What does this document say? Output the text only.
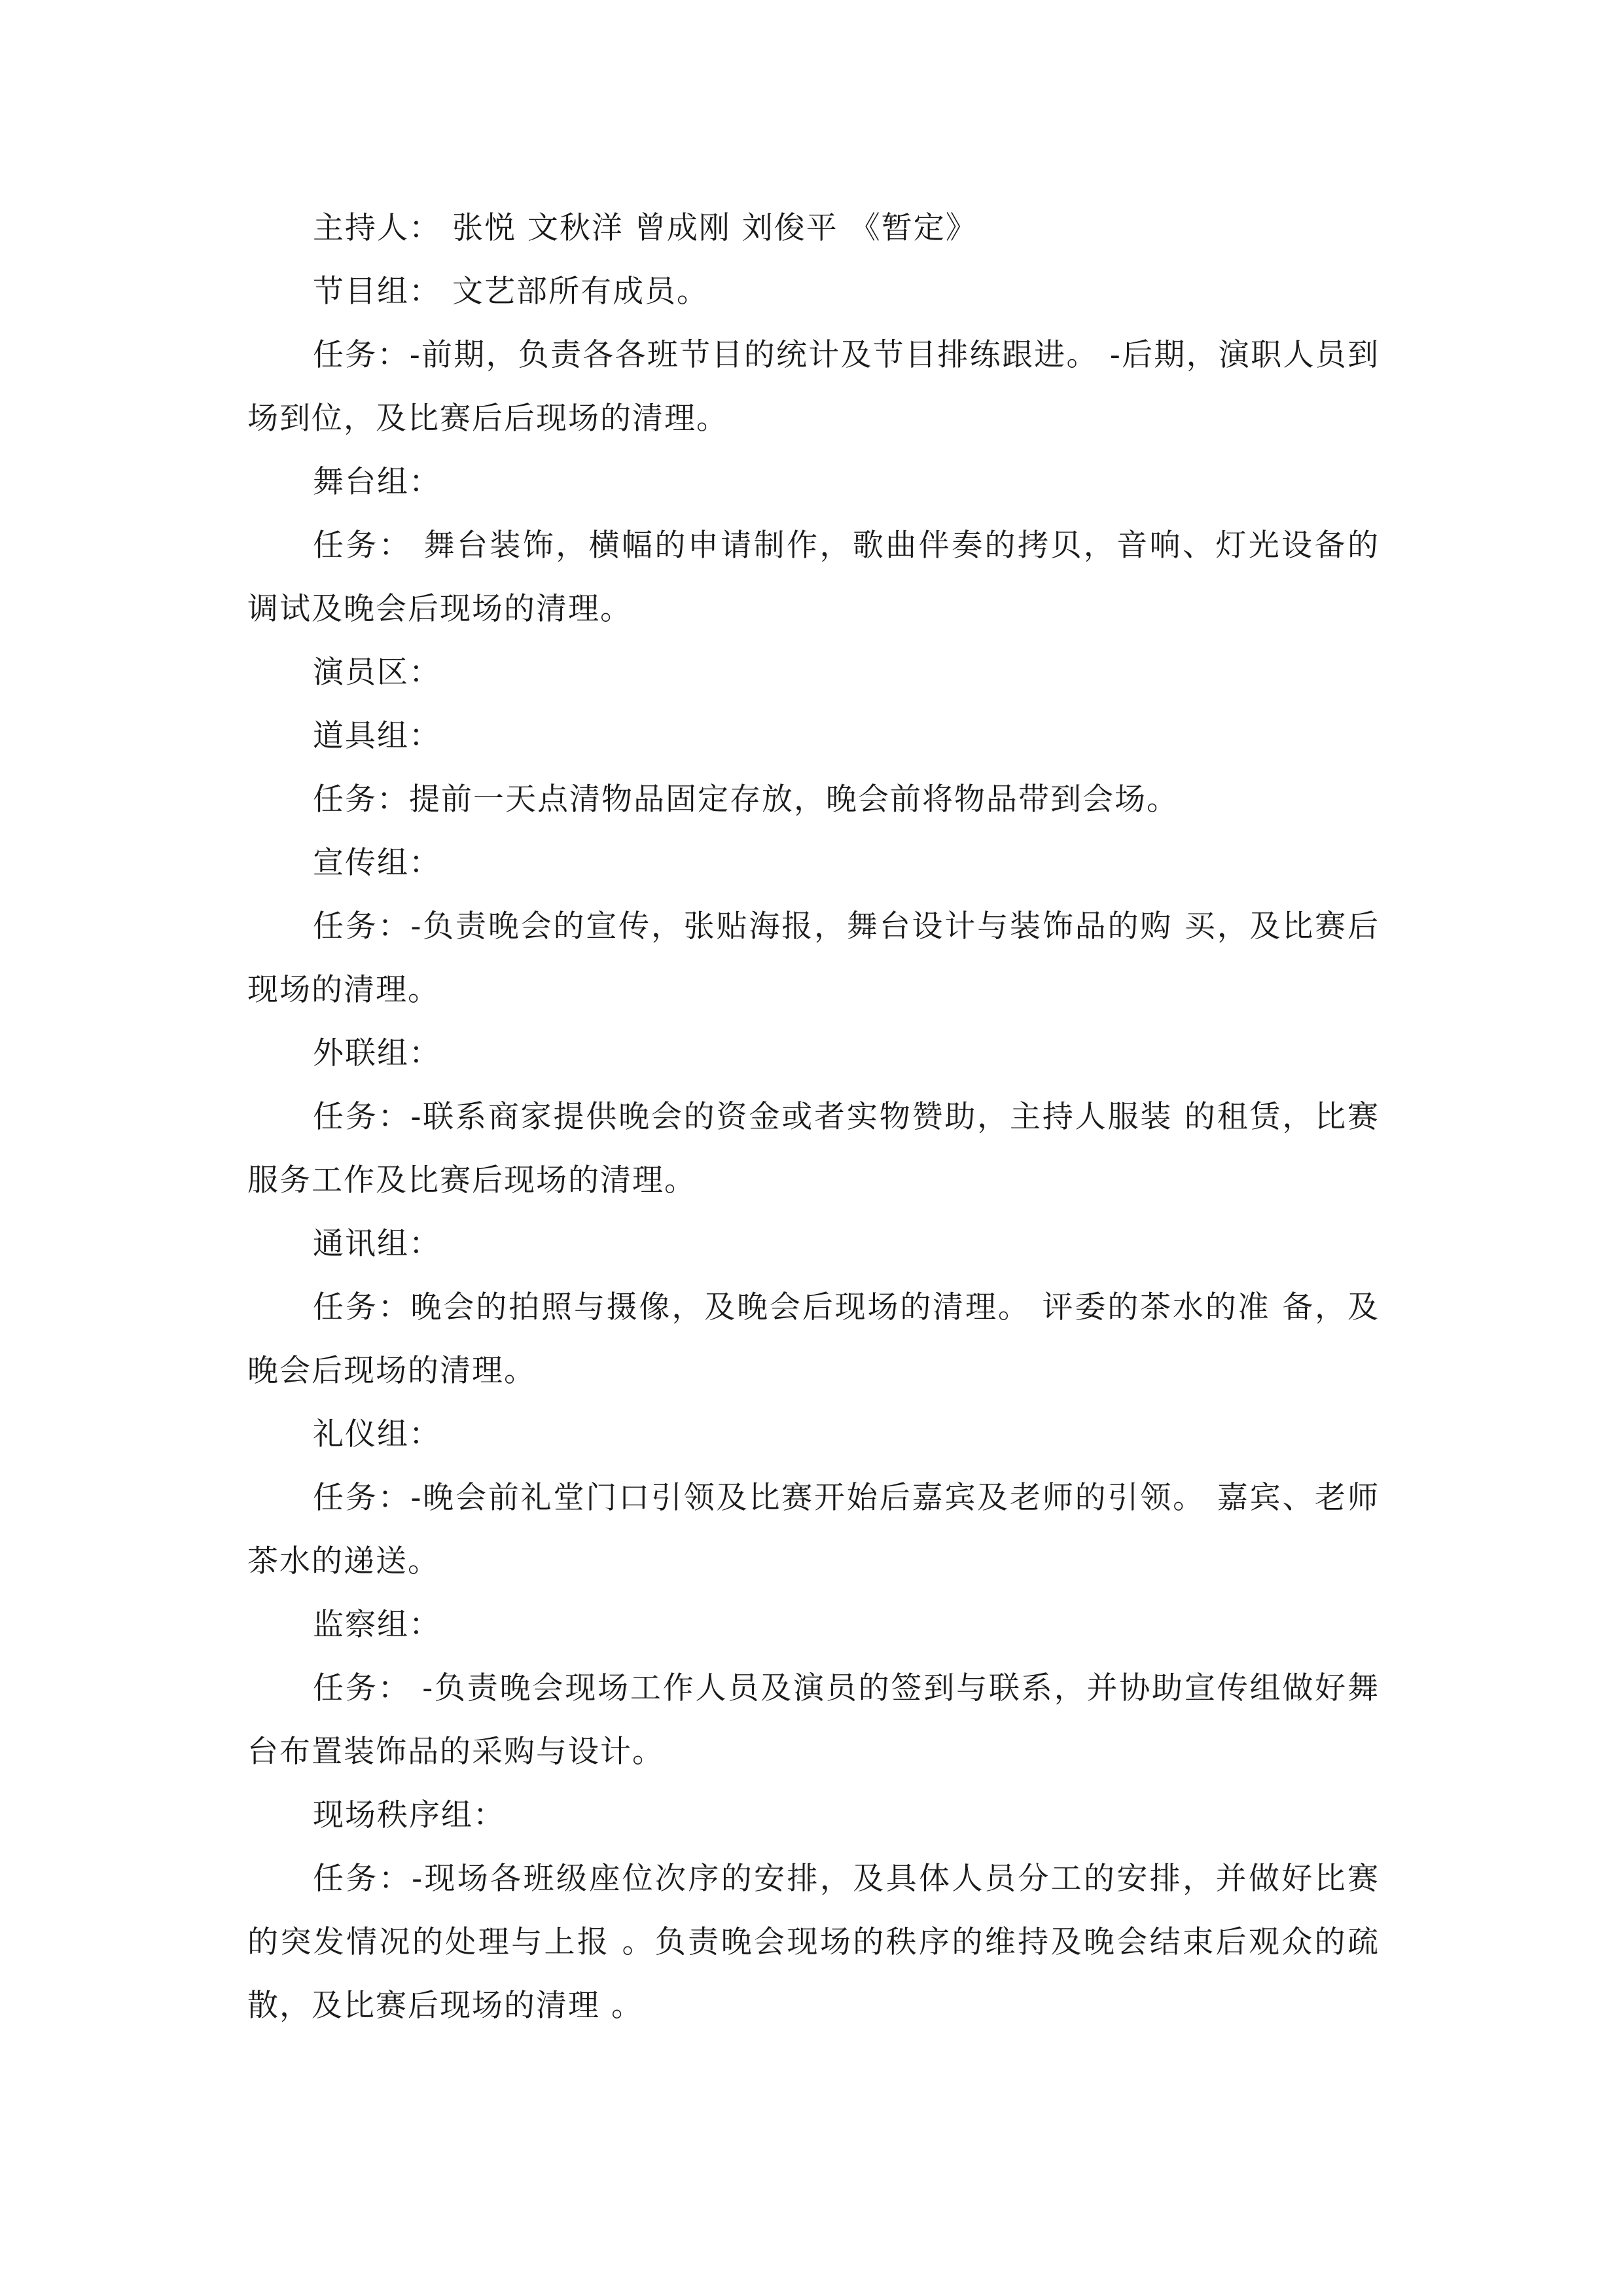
主持人： 张悦 文秋洋 曾成刚 刘俊平 《暂定》

节目组： 文艺部所有成员。

任务：-前期，负责各各班节目的统计及节目排练跟进。 -后期，演职人员到场到位，及比赛后后现场的清理。

舞台组：

任务： 舞台装饰，横幅的申请制作，歌曲伴奏的拷贝，音响、灯光设备的调试及晚会后现场的清理。

演员区：

道具组：

任务：提前一天点清物品固定存放，晚会前将物品带到会场。

宣传组：

任务：-负责晚会的宣传，张贴海报，舞台设计与装饰品的购 买，及比赛后现场的清理。

外联组：

任务：-联系商家提供晚会的资金或者实物赞助，主持人服装 的租赁，比赛服务工作及比赛后现场的清理。

通讯组：

任务：晚会的拍照与摄像，及晚会后现场的清理。 评委的茶水的准 备，及晚会后现场的清理。

礼仪组：

任务：-晚会前礼堂门口引领及比赛开始后嘉宾及老师的引领。 嘉宾、老师茶水的递送。

监察组：

任务： -负责晚会现场工作人员及演员的签到与联系，并协助宣传组做好舞台布置装饰品的采购与设计。

现场秩序组：

任务：-现场各班级座位次序的安排，及具体人员分工的安排，并做好比赛的突发情况的处理与上报 。负责晚会现场的秩序的维持及晚会结束后观众的疏散，及比赛后现场的清理 。
